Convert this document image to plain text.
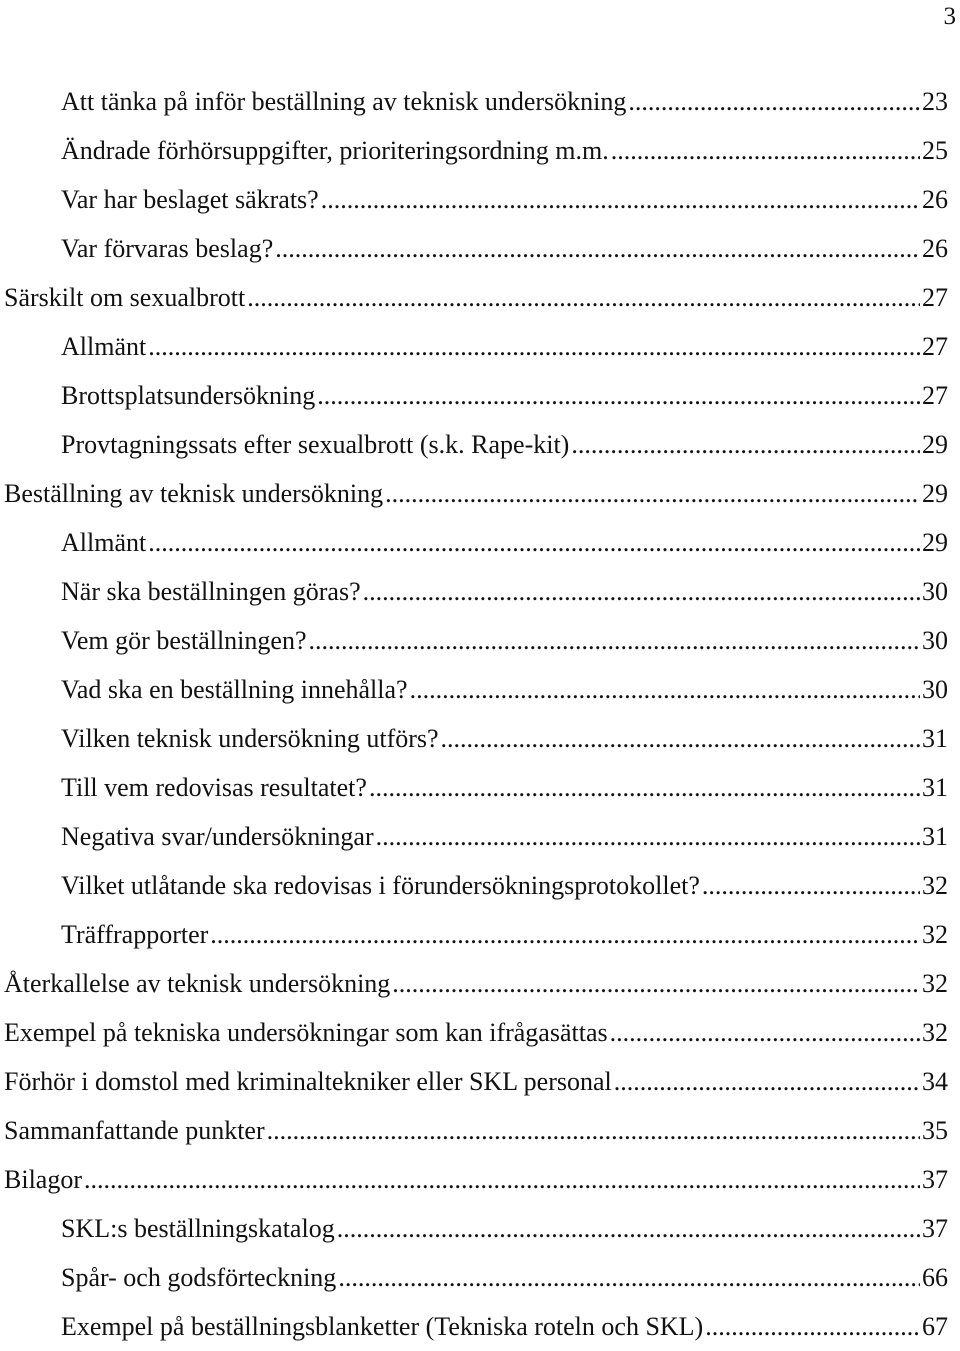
3
Att tänka på inför beställning av teknisk undersökning .....	23
Ändrade förhörsuppgifter, prioriteringsordning m.m. .....	25
Var har beslaget säkrats? .....	26
Var förvaras beslag? .....	26
Särskilt om sexualbrott .....	27
Allmänt .....	27
Brottsplatsundersökning .....	27
Provtagningssats efter sexualbrott (s.k. Rape-kit) .....	29
Beställning av teknisk undersökning .....	29
Allmänt .....	29
När ska beställningen göras? .....	30
Vem gör beställningen? .....	30
Vad ska en beställning innehålla? .....	30
Vilken teknisk undersökning utförs? .....	31
Till vem redovisas resultatet? .....	31
Negativa svar/undersökningar .....	31
Vilket utlåtande ska redovisas i förundersökningsprotokollet? .....	32
Träffrapporter .....	32
Återkallelse av teknisk undersökning .....	32
Exempel på tekniska undersökningar som kan ifrågasättas .....	32
Förhör i domstol med kriminaltekniker eller SKL personal .....	34
Sammanfattande punkter .....	35
Bilagor .....	37
SKL:s beställningskatalog .....	37
Spår- och godsförteckning .....	66
Exempel på beställningsblanketter (Tekniska roteln och SKL) .....	67
